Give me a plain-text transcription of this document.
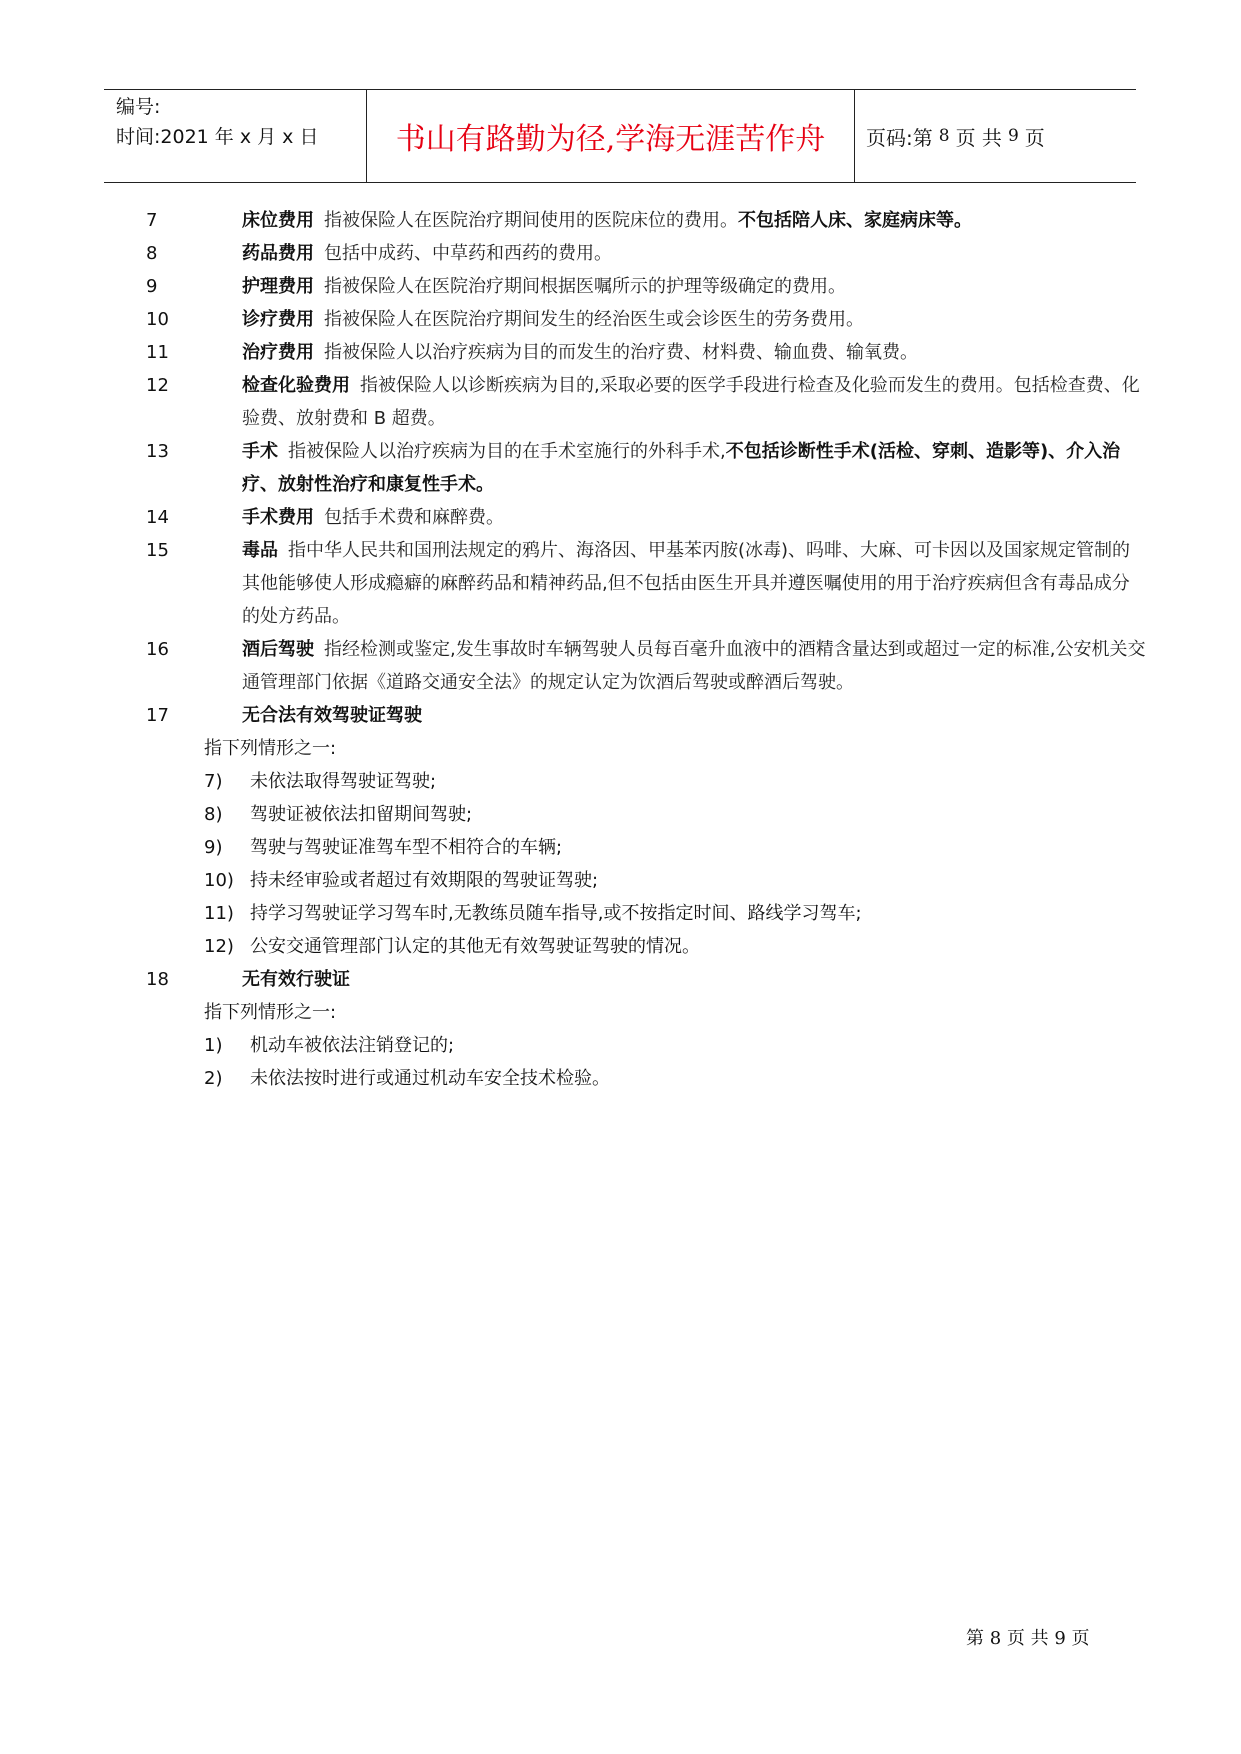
编号:
时间:2021 年 x 月 x 日	书山有路勤为径,学海无涯苦作舟 页码:第 8 页 共 9 页
7	床位费用 指被保险人在医院治疗期间使用的医院床位的费用。不包括陪人床、家庭病床等。
8	药品费用 包括中成药、中草药和西药的费用。
9	护理费用 指被保险人在医院治疗期间根据医嘱所示的护理等级确定的费用。
10	诊疗费用 指被保险人在医院治疗期间发生的经治医生或会诊医生的劳务费用。
11	治疗费用 指被保险人以治疗疾病为目的而发生的治疗费、材料费、输血费、输氧费。
12	检查化验费用 指被保险人以诊断疾病为目的,采取必要的医学手段进行检查及化验而发生的费用。包括检查费、化验费、放射费和 B 超费。
13	手术 指被保险人以治疗疾病为目的在手术室施行的外科手术,不包括诊断性手术(活检、穿刺、造影等)、介入治疗、放射性治疗和康复性手术。
14	手术费用 包括手术费和麻醉费。
15	毒品 指中华人民共和国刑法规定的鸦片、海洛因、甲基苯丙胺(冰毒)、吗啡、大麻、可卡因以及国家规定管制的其他能够使人形成瘾癖的麻醉药品和精神药品,但不包括由医生开具并遵医嘱使用的用于治疗疾病但含有毒品成分的处方药品。
16	酒后驾驶 指经检测或鉴定,发生事故时车辆驾驶人员每百毫升血液中的酒精含量达到或超过一定的标准,公安机关交通管理部门依据《道路交通安全法》的规定认定为饮酒后驾驶或醉酒后驾驶。
17	无合法有效驾驶证驾驶
指下列情形之一:
7)	未依法取得驾驶证驾驶;
8)	驾驶证被依法扣留期间驾驶;
9)	驾驶与驾驶证准驾车型不相符合的车辆;
10) 持未经审验或者超过有效期限的驾驶证驾驶;
11) 持学习驾驶证学习驾车时,无教练员随车指导,或不按指定时间、路线学习驾车;
12) 公安交通管理部门认定的其他无有效驾驶证驾驶的情况。
18	无有效行驶证
指下列情形之一:
1)	机动车被依法注销登记的;
2)	未依法按时进行或通过机动车安全技术检验。
第 8 页 共 9 页
